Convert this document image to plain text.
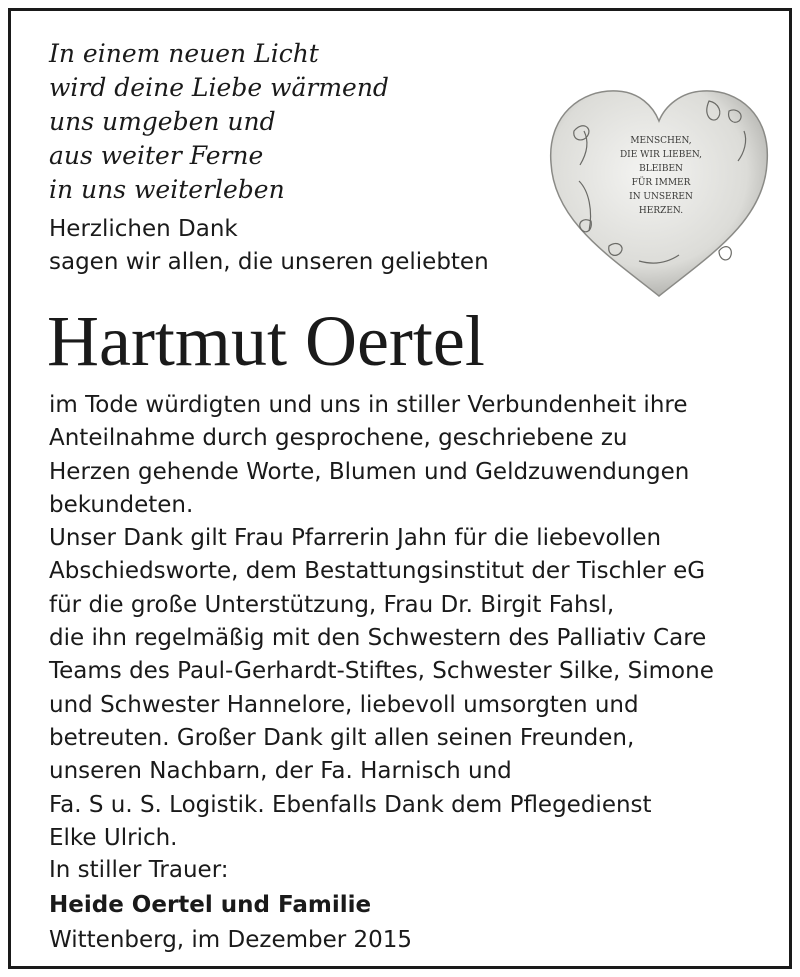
In einem neuen Licht
wird deine Liebe wärmend
uns umgeben und
aus weiter Ferne
in uns weiterleben
MENSCHEN,
DIE WIR LIEBEN,
BLEIBEN
FÜR IMMER
IN UNSEREN
HERZEN.
Herzlichen Dank
sagen wir allen, die unseren geliebten
Hartmut Oertel
im Tode würdigten und uns in stiller Verbundenheit ihre
Anteilnahme durch gesprochene, geschriebene zu
Herzen gehende Worte, Blumen und Geldzuwendungen
bekundeten.
Unser Dank gilt Frau Pfarrerin Jahn für die liebevollen
Abschiedsworte, dem Bestattungsinstitut der Tischler eG
für die große Unterstützung, Frau Dr. Birgit Fahsl,
die ihn regelmäßig mit den Schwestern des Palliativ Care
Teams des Paul-Gerhardt-Stiftes, Schwester Silke, Simone
und Schwester Hannelore, liebevoll umsorgten und
betreuten. Großer Dank gilt allen seinen Freunden,
unseren Nachbarn, der Fa. Harnisch und
Fa. S u. S. Logistik. Ebenfalls Dank dem Pflegedienst
Elke Ulrich.
In stiller Trauer:
Heide Oertel und Familie
Wittenberg, im Dezember 2015
